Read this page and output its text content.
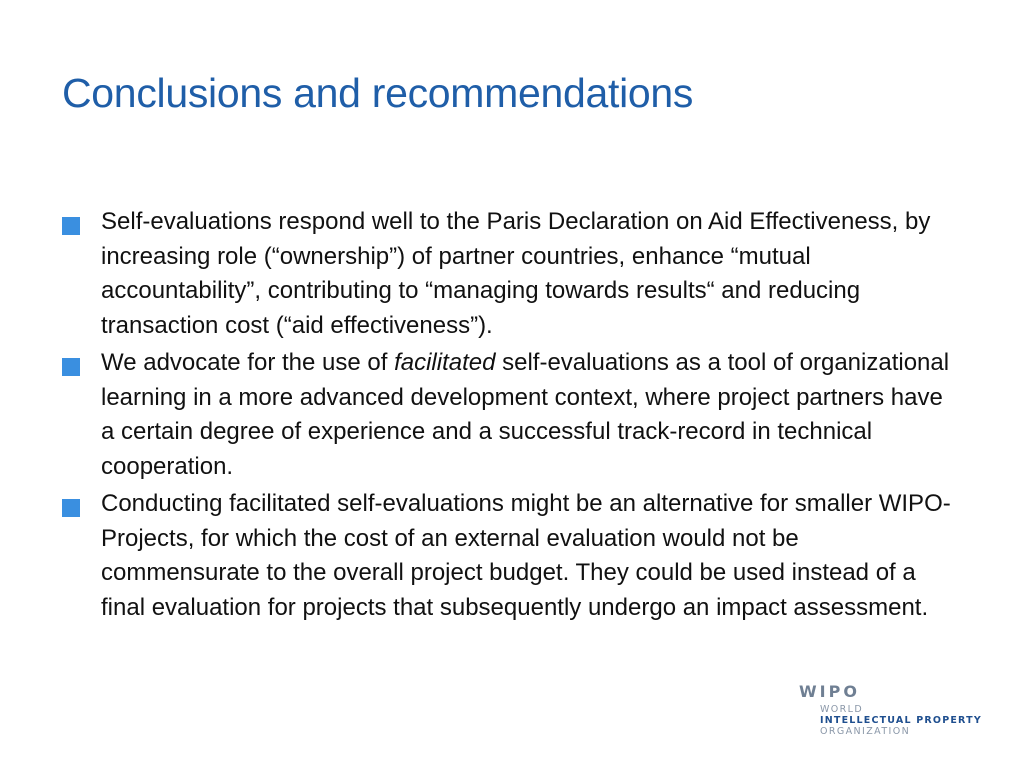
Conclusions and recommendations
Self-evaluations respond well to the Paris Declaration on Aid Effectiveness, by increasing role (“ownership”) of partner countries, enhance “mutual accountability”, contributing to “managing towards results“ and reducing transaction cost (“aid effectiveness”).
We advocate for the use of facilitated self-evaluations as a tool of organizational learning in a more advanced development context, where project partners have a certain degree of experience and a successful track-record in technical cooperation.
Conducting facilitated self-evaluations might be an alternative for smaller WIPO-Projects, for which the cost of an external evaluation would not be commensurate to the overall project budget. They could be used instead of a final evaluation for projects that subsequently undergo an impact assessment.
WIPO
WORLD
INTELLECTUAL PROPERTY
ORGANIZATION
